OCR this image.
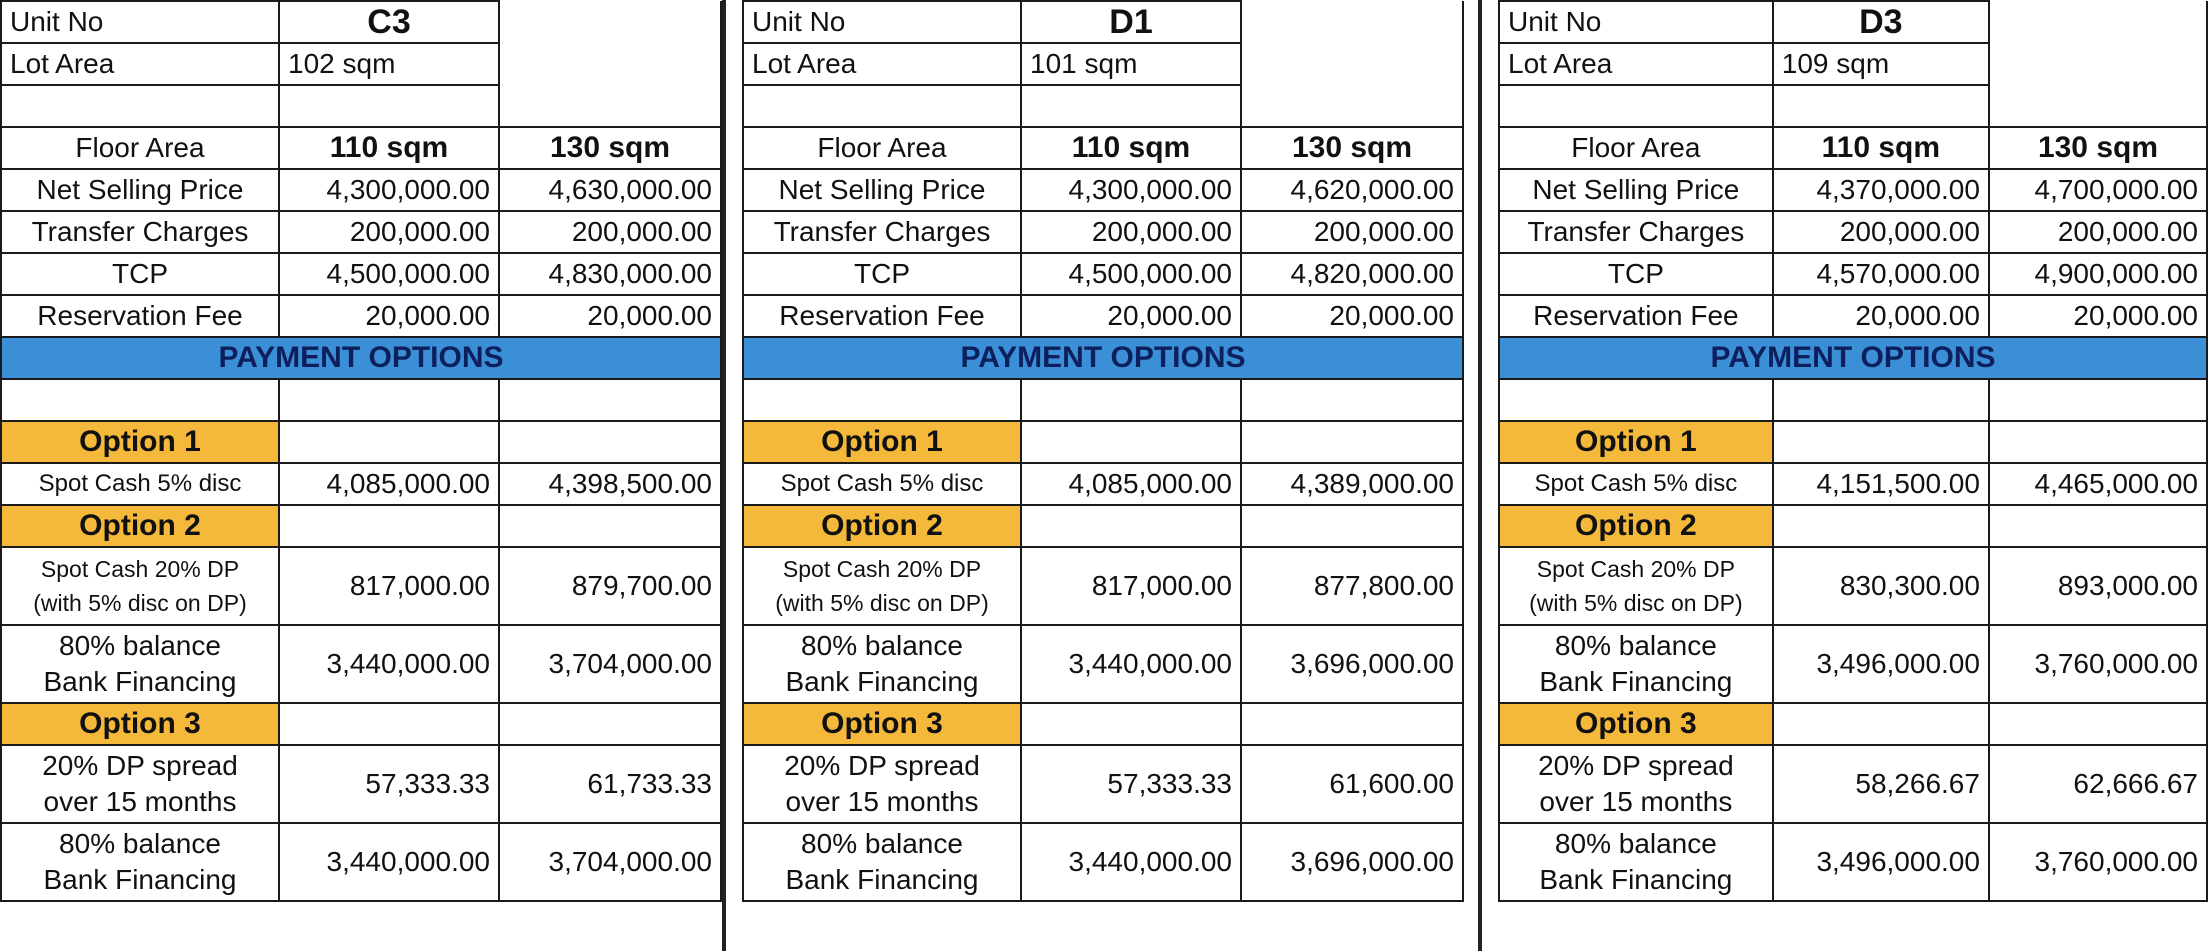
Unit No	C3	
Lot Area	102 sqm	

Floor Area	110 sqm	130 sqm
Net Selling Price	4,300,000.00	4,630,000.00
Transfer Charges	200,000.00	200,000.00
TCP	4,500,000.00	4,830,000.00
Reservation Fee	20,000.00	20,000.00
PAYMENT OPTIONS		

Option 1		
Spot Cash 5% disc	4,085,000.00	4,398,500.00
Option 2		

Spot Cash 20% DP
(with 5% disc on DP)	817,000.00	879,700.00

80% balance
Bank Financing	3,440,000.00	3,704,000.00
Option 3		

20% DP spread
over 15 months	57,333.33	61,733.33

80% balance
Bank Financing	3,440,000.00	3,704,000.00
Unit No	D1	
Lot Area	101 sqm	

Floor Area	110 sqm	130 sqm
Net Selling Price	4,300,000.00	4,620,000.00
Transfer Charges	200,000.00	200,000.00
TCP	4,500,000.00	4,820,000.00
Reservation Fee	20,000.00	20,000.00
PAYMENT OPTIONS		

Option 1		
Spot Cash 5% disc	4,085,000.00	4,389,000.00
Option 2		

Spot Cash 20% DP
(with 5% disc on DP)	817,000.00	877,800.00

80% balance
Bank Financing	3,440,000.00	3,696,000.00
Option 3		

20% DP spread
over 15 months	57,333.33	61,600.00

80% balance
Bank Financing	3,440,000.00	3,696,000.00
Unit No	D3	
Lot Area	109 sqm	

Floor Area	110 sqm	130 sqm
Net Selling Price	4,370,000.00	4,700,000.00
Transfer Charges	200,000.00	200,000.00
TCP	4,570,000.00	4,900,000.00
Reservation Fee	20,000.00	20,000.00
PAYMENT OPTIONS		

Option 1		
Spot Cash 5% disc	4,151,500.00	4,465,000.00
Option 2		

Spot Cash 20% DP
(with 5% disc on DP)	830,300.00	893,000.00

80% balance
Bank Financing	3,496,000.00	3,760,000.00
Option 3		

20% DP spread
over 15 months	58,266.67	62,666.67

80% balance
Bank Financing	3,496,000.00	3,760,000.00
